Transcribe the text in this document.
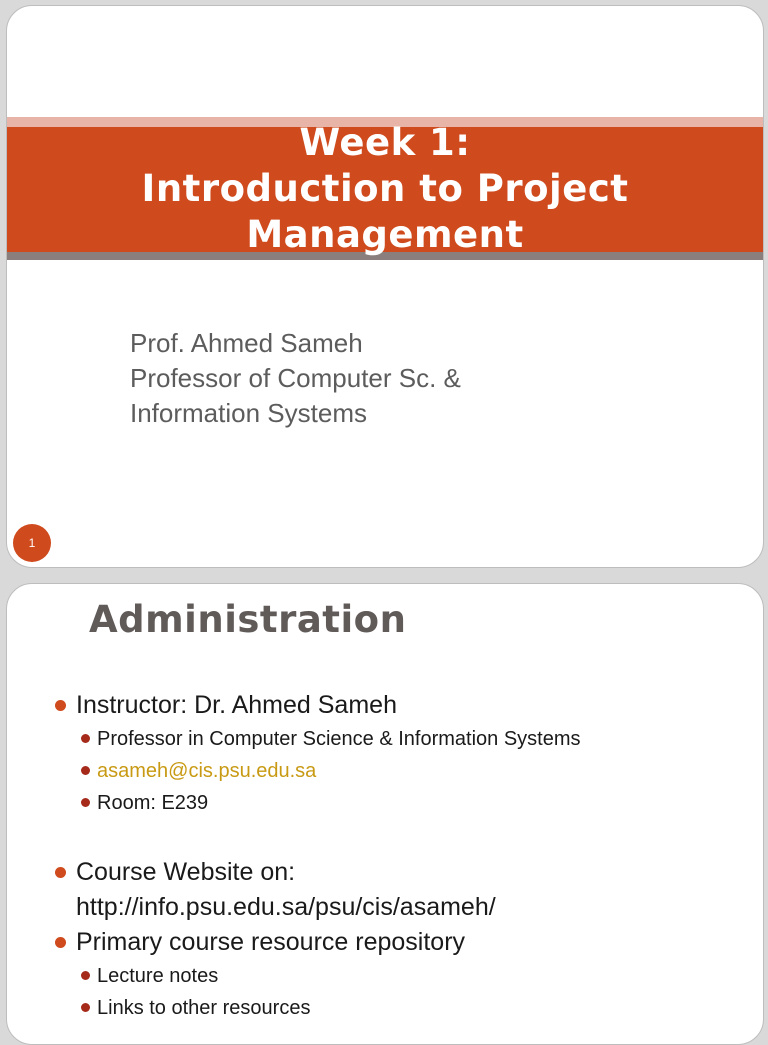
Week 1:
Introduction to Project
Management
Prof. Ahmed Sameh
Professor of Computer Sc. &
Information Systems
1
Administration
Instructor: Dr. Ahmed Sameh
Professor in Computer Science & Information Systems
asameh@cis.psu.edu.sa
Room: E239
Course Website on:
http://info.psu.edu.sa/psu/cis/asameh/
Primary course resource repository
Lecture notes
Links to other resources
